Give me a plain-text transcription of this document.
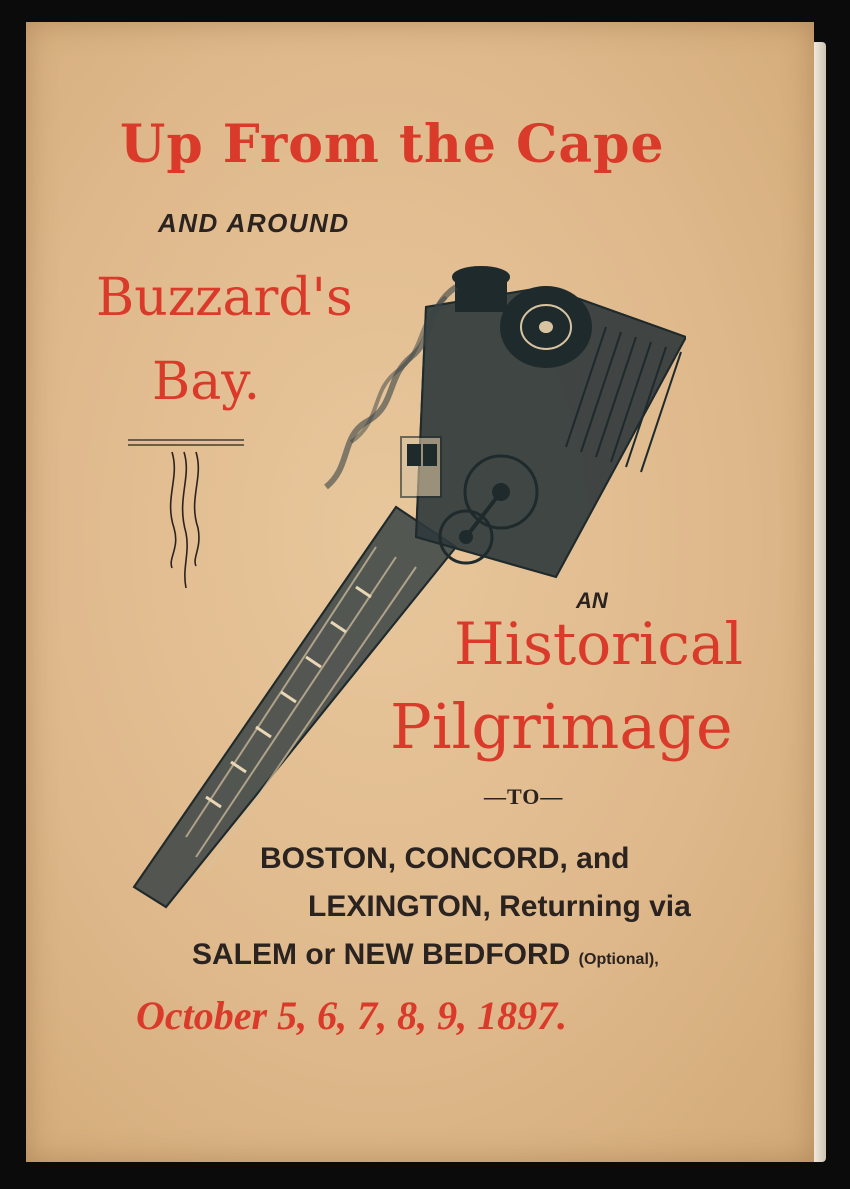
Up From the Cape
AND AROUND
Buzzard's
Bay.
AN
Historical
Pilgrimage
—TO—
BOSTON, CONCORD, and
LEXINGTON, Returning via
SALEM or NEW BEDFORD (Optional),
October 5, 6, 7, 8, 9, 1897.
